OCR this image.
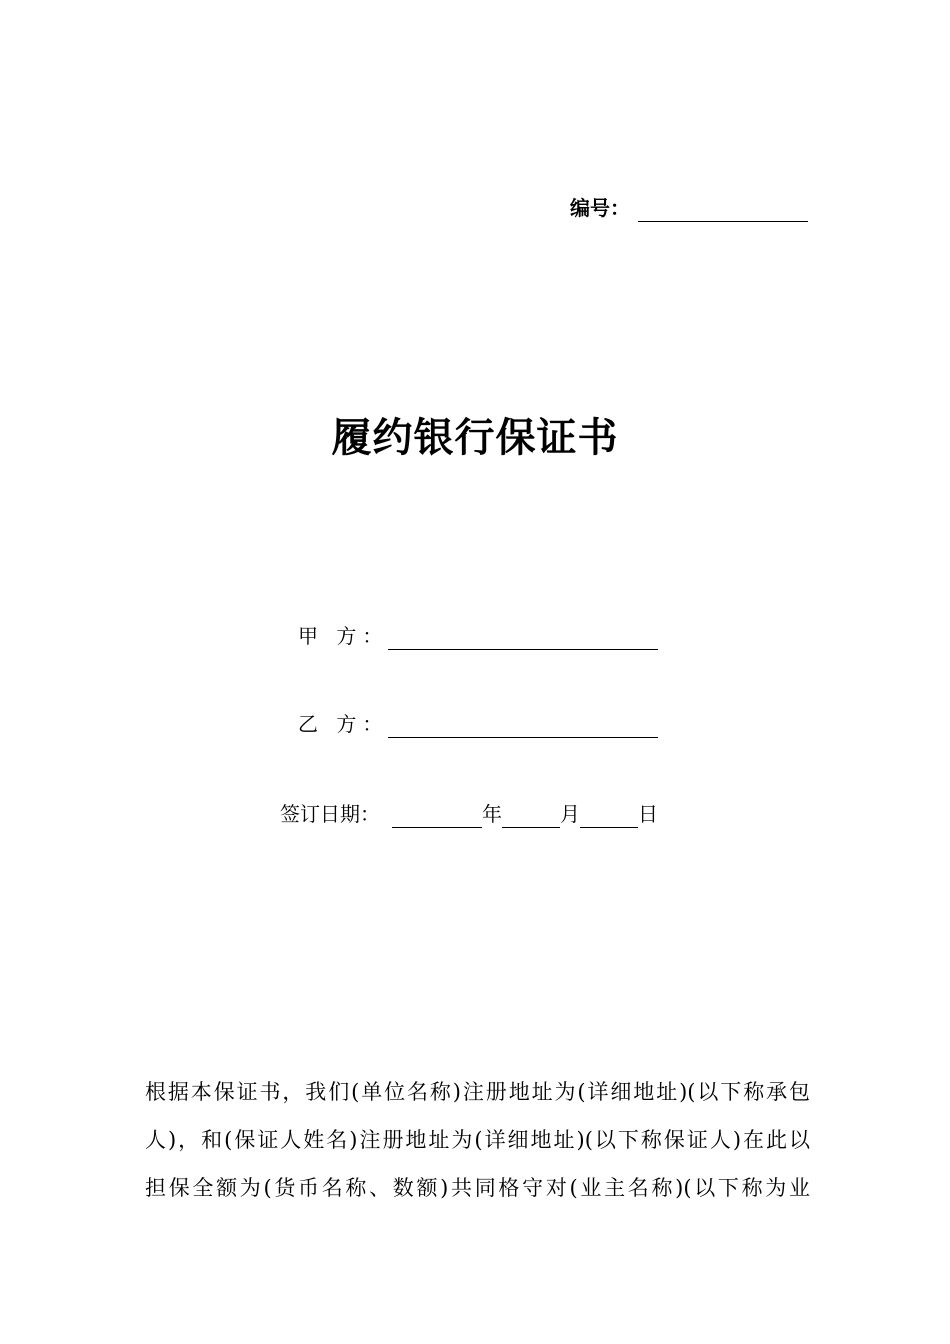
编号：
履约银行保证书
甲 方：
乙 方：
签订日期：	年	月	日
根据本保证书，我们(单位名称)注册地址为(详细地址)(以下称承包
人)，和(保证人姓名)注册地址为(详细地址)(以下称保证人)在此以
担保全额为(货币名称、数额)共同格守对(业主名称)(以下称为业
